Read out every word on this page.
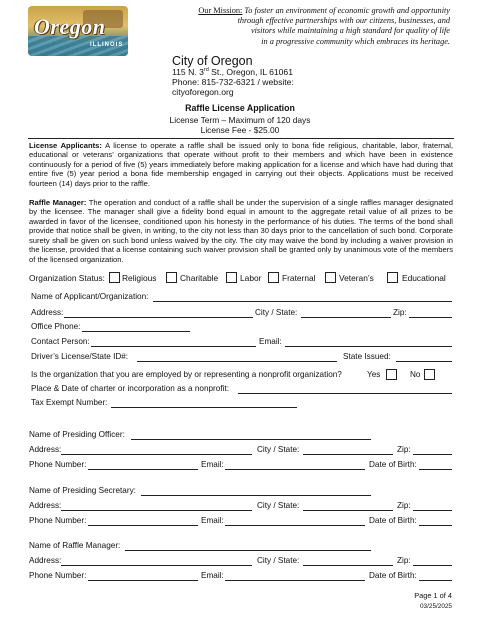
Oregon
ILLINOIS
Our Mission: To foster an environment of economic growth and opportunity
through effective partnerships with our citizens, businesses, and
visitors while maintaining a high standard for quality of life
in a progressive community which embraces its heritage.
City of Oregon
115 N. 3rd St., Oregon, IL 61061
Phone: 815-732-6321 / website:
cityoforegon.org
Raffle License Application
License Term – Maximum of 120 days
License Fee - $25.00
License Applicants: A license to operate a raffle shall be issued only to bona fide religious, charitable, labor, fraternal, educational or veterans’ organizations that operate without profit to their members and which have been in existence continuously for a period of five (5) years immediately before making application for a license and which have had during that entire five (5) year period a bona fide membership engaged in carrying out their objects. Applications must be received fourteen (14) days prior to the raffle.
Raffle Manager: The operation and conduct of a raffle shall be under the supervision of a single raffles manager designated by the licensee. The manager shall give a fidelity bond equal in amount to the aggregate retail value of all prizes to be awarded in favor of the licensee, conditioned upon his honesty in the performance of his duties. The terms of the bond shall provide that notice shall be given, in writing, to the city not less than 30 days prior to the cancellation of such bond. Corporate surety shall be given on such bond unless waived by the city. The city may waive the bond by including a waiver provision in the license, provided that a license containing such waiver provision shall be granted only by unanimous vote of the members of the licensed organization.
Organization Status: Religious	Charitable	Labor Fraternal	Veteran’s	Educational
Name of Applicant/Organization:
Address:	City / State:	Zip:
Office Phone:
Contact Person:	Email:
Driver’s License/State ID#:	State Issued:
Is the organization that you are employed by or representing a nonprofit organization?	Yes	No
Place & Date of charter or incorporation as a nonprofit:
Tax Exempt Number:
Name of Presiding Officer:
Address:	City / State:	Zip:
Phone Number:	Email:	Date of Birth:
Name of Presiding Secretary:
Address:	City / State:	Zip:
Phone Number:	Email:	Date of Birth:
Name of Raffle Manager:
Address:	City / State:	Zip:
Phone Number:	Email:	Date of Birth:
Page 1 of 4
03/25/2025
